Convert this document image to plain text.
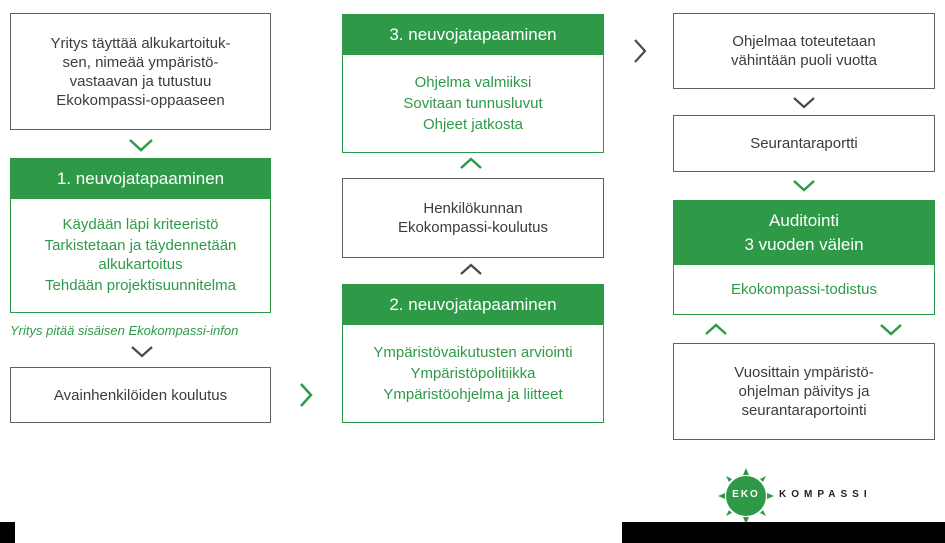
Yritys täyttää alkukartoituk-
sen, nimeää ympäristö-
vastaavan ja tutustuu
Ekokompassi-oppaaseen
1. neuvojatapaaminen
Käydään läpi kriteeristö
Tarkistetaan ja täydennetään
alkukartoitus
Tehdään projektisuunnitelma
Yritys pitää sisäisen Ekokompassi-infon
Avainhenkilöiden koulutus
3. neuvojatapaaminen
Ohjelma valmiiksi
Sovitaan tunnusluvut
Ohjeet jatkosta
Henkilökunnan
Ekokompassi-koulutus
2. neuvojatapaaminen
Ympäristövaikutusten arviointi
Ympäristöpolitiikka
Ympäristöohjelma ja liitteet
Ohjelmaa toteutetaan
vähintään puoli vuotta
Seurantaraportti
Auditointi
3 vuoden välein
Ekokompassi-todistus
Vuosittain ympäristö-
ohjelman päivitys ja
seurantaraportointi
EKO	KOMPASSI
